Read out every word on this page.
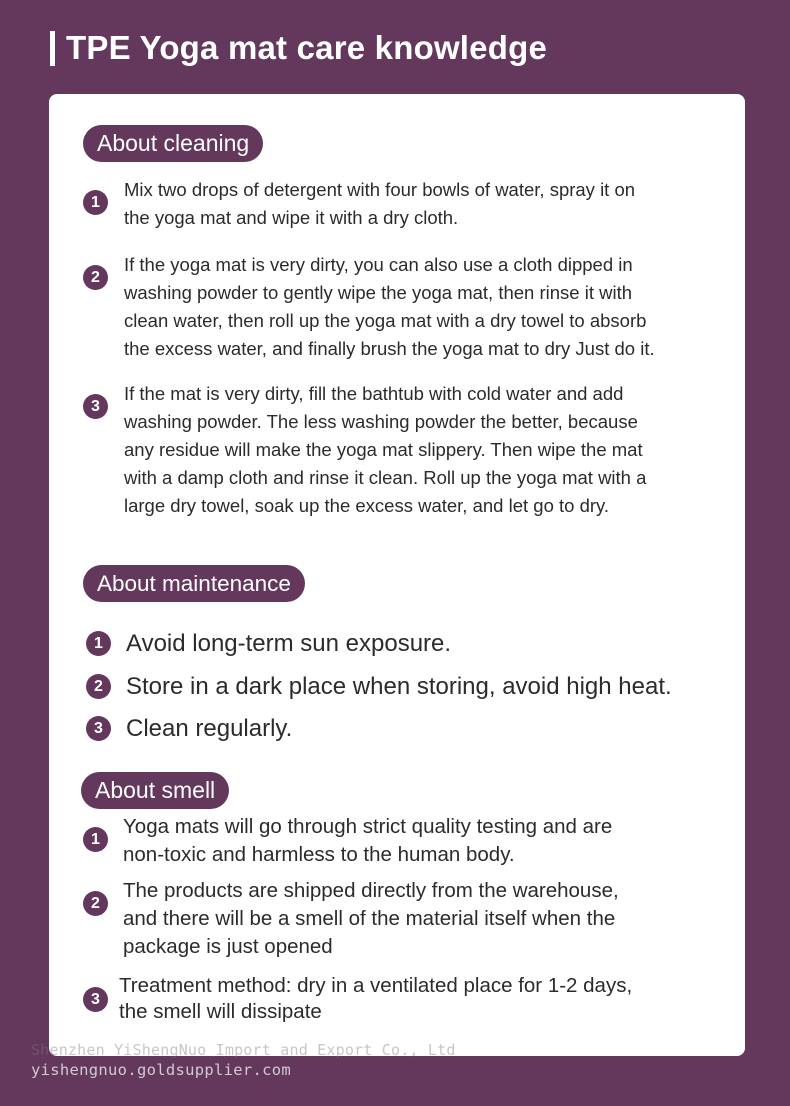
TPE Yoga mat care knowledge
About cleaning
1
Mix two drops of detergent with four bowls of water, spray it on
the yoga mat and wipe it with a dry cloth.
2
If the yoga mat is very dirty, you can also use a cloth dipped in
washing powder to gently wipe the yoga mat, then rinse it with
clean water, then roll up the yoga mat with a dry towel to absorb
the excess water, and finally brush the yoga mat to dry Just do it.
3
If the mat is very dirty, fill the bathtub with cold water and add
washing powder. The less washing powder the better, because
any residue will make the yoga mat slippery. Then wipe the mat
with a damp cloth and rinse it clean. Roll up the yoga mat with a
large dry towel, soak up the excess water, and let go to dry.
About maintenance
1 Avoid long-term sun exposure.
2 Store in a dark place when storing, avoid high heat.
3 Clean regularly.
About smell
1
Yoga mats will go through strict quality testing and are
non-toxic and harmless to the human body.
2
The products are shipped directly from the warehouse,
and there will be a smell of the material itself when the
package is just opened
3
Treatment method: dry in a ventilated place for 1-2 days,
the smell will dissipate
Shenzhen YiShengNuo Import and Export Co., Ltd
yishengnuo.goldsupplier.com
